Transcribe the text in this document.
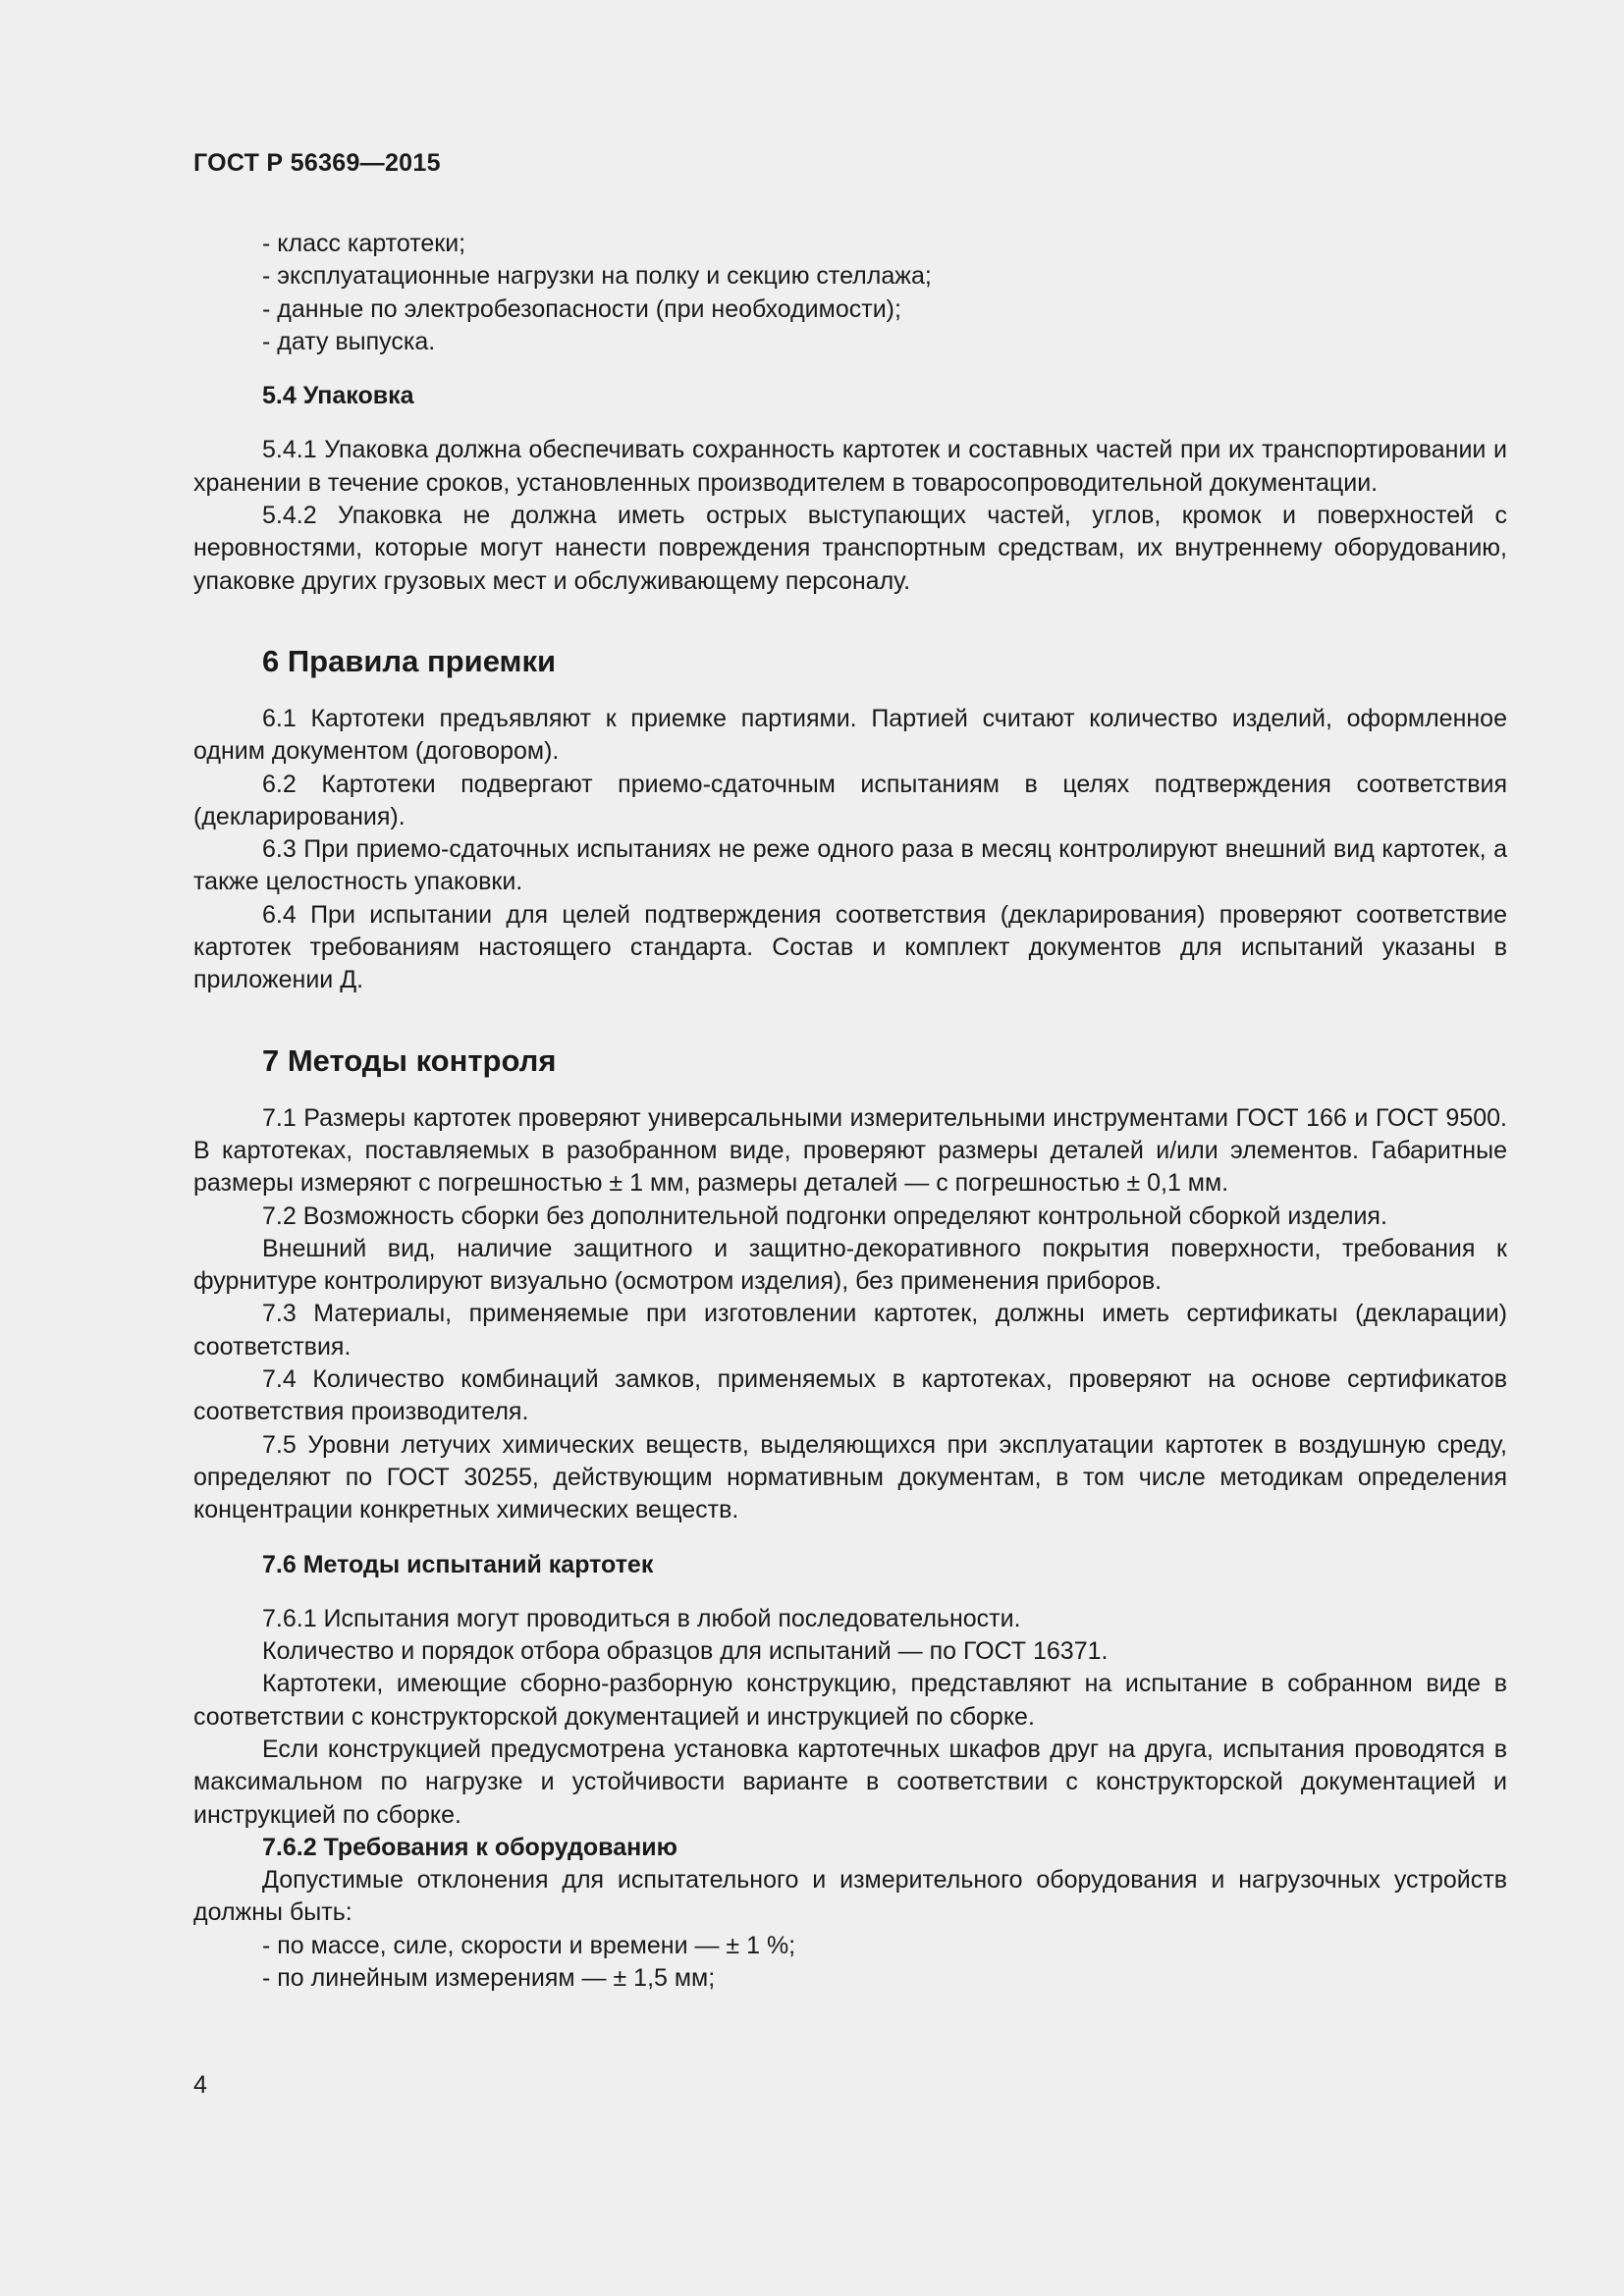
ГОСТ Р 56369—2015

- класс картотеки;

- эксплуатационные нагрузки на полку и секцию стеллажа;

- данные по электробезопасности (при необходимости);

- дату выпуска.

5.4 Упаковка

5.4.1 Упаковка должна обеспечивать сохранность картотек и составных частей при их транспортировании и хранении в течение сроков, установленных производителем в товаросопроводительной документации.

5.4.2 Упаковка не должна иметь острых выступающих частей, углов, кромок и поверхностей с неровностями, которые могут нанести повреждения транспортным средствам, их внутреннему оборудованию, упаковке других грузовых мест и обслуживающему персоналу.

6 Правила приемки

6.1 Картотеки предъявляют к приемке партиями. Партией считают количество изделий, оформленное одним документом (договором).

6.2 Картотеки подвергают приемо-сдаточным испытаниям в целях подтверждения соответствия (декларирования).

6.3 При приемо-сдаточных испытаниях не реже одного раза в месяц контролируют внешний вид картотек, а также целостность упаковки.

6.4 При испытании для целей подтверждения соответствия (декларирования) проверяют соответствие картотек требованиям настоящего стандарта. Состав и комплект документов для испытаний указаны в приложении Д.

7 Методы контроля

7.1 Размеры картотек проверяют универсальными измерительными инструментами ГОСТ 166 и ГОСТ 9500. В картотеках, поставляемых в разобранном виде, проверяют размеры деталей и/или элементов. Габаритные размеры измеряют с погрешностью ± 1 мм, размеры деталей — с погрешностью ± 0,1 мм.

7.2 Возможность сборки без дополнительной подгонки определяют контрольной сборкой изделия.

Внешний вид, наличие защитного и защитно-декоративного покрытия поверхности, требования к фурнитуре контролируют визуально (осмотром изделия), без применения приборов.

7.3 Материалы, применяемые при изготовлении картотек, должны иметь сертификаты (декларации) соответствия.

7.4 Количество комбинаций замков, применяемых в картотеках, проверяют на основе сертификатов соответствия производителя.

7.5 Уровни летучих химических веществ, выделяющихся при эксплуатации картотек в воздушную среду, определяют по ГОСТ 30255, действующим нормативным документам, в том числе методикам определения концентрации конкретных химических веществ.

7.6 Методы испытаний картотек

7.6.1 Испытания могут проводиться в любой последовательности.

Количество и порядок отбора образцов для испытаний — по ГОСТ 16371.

Картотеки, имеющие сборно-разборную конструкцию, представляют на испытание в собранном виде в соответствии с конструкторской документацией и инструкцией по сборке.

Если конструкцией предусмотрена установка картотечных шкафов друг на друга, испытания проводятся в максимальном по нагрузке и устойчивости варианте в соответствии с конструкторской документацией и инструкцией по сборке.

7.6.2 Требования к оборудованию

Допустимые отклонения для испытательного и измерительного оборудования и нагрузочных устройств должны быть:

- по массе, силе, скорости и времени — ± 1 %;

- по линейным измерениям — ± 1,5 мм;

4
